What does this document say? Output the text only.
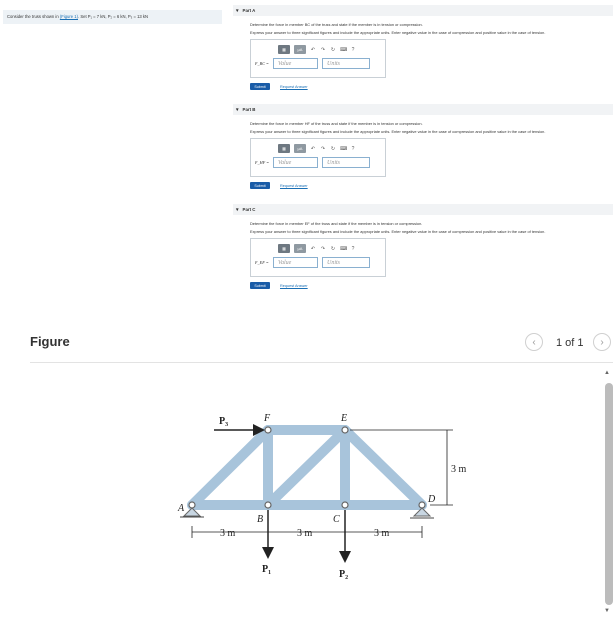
Consider the truss shown in (Figure 1). Set P₁ = 7 kN, P₂ = 6 kN, P₃ = 13 kN
▾ Part A
Determine the force in member BC of the truss and state if the member is in tension or compression.
Express your answer to three significant figures and include the appropriate units. Enter negative value in the case of compression and positive value in the case of tension.
▦	μA	↶ ↷ ↻ ⌨ ?
F_BC =	Value	Units
Submit	Request Answer
▾ Part B
Determine the force in member HF of the truss and state if the member is in tension or compression.
Express your answer to three significant figures and include the appropriate units. Enter negative value in the case of compression and positive value in the case of tension.
▦	μA	↶ ↷ ↻ ⌨ ?
F_HF =	Value	Units
Submit	Request Answer
▾ Part C
Determine the force in member EF of the truss and state if the member is in tension or compression.
Express your answer to three significant figures and include the appropriate units. Enter negative value in the case of compression and positive value in the case of tension.
▦	μA	↶ ↷ ↻ ⌨ ?
F_EF =	Value	Units
Submit	Request Answer
Figure	‹	1 of 1	›
▲
▼
P₃	F	E
A
B	C
D
P₁	P₂
3 m
3 m	3 m	3 m
